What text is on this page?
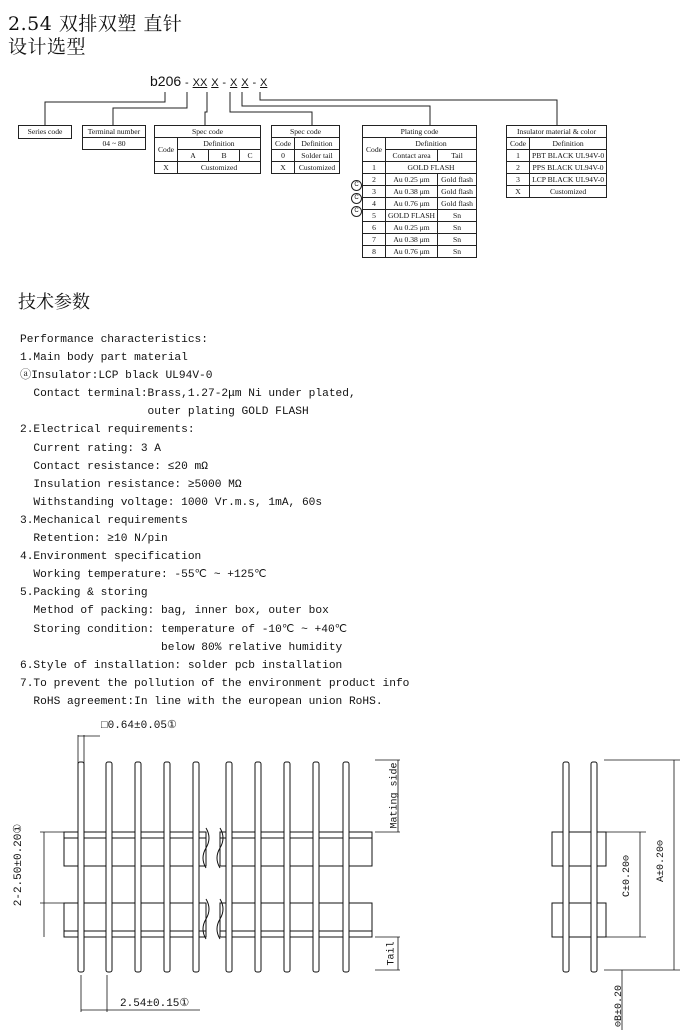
2.54 双排双塑 直针
设计选型
b206 - XX X - X X - X
Series code	Terminal number
04 ~ 80
Spec code			
Code	Definition		
	A	B	C
X	Customized		
Spec code	
Code	Definition
0	Solder tail
X	Customized
Plating code		
Code	Definition	
	Contact area	Tail
1	GOLD FLASH	
2	Au 0.25 μm	Gold flash
3	Au 0.38 μm	Gold flash
4	Au 0.76 μm	Gold flash
5	GOLD FLASH	Sn
6	Au 0.25 μm	Sn
7	Au 0.38 μm	Sn
8	Au 0.76 μm	Sn
C
C
C
Insulator material & color	
Code	Definition
1	PBT BLACK UL94V-0
2	PPS BLACK UL94V-0
3	LCP BLACK UL94V-0
X	Customized
技术参数
Performance characteristics:
1.Main body part material
ⓐInsulator:LCP black UL94V-0
Contact terminal:Brass,1.27-2μm Ni under plated,
outer plating GOLD FLASH
2.Electrical requirements:
Current rating: 3 A
Contact resistance: ≤20 mΩ
Insulation resistance: ≥5000 MΩ
Withstanding voltage: 1000 Vr.m.s, 1mA, 60s
3.Mechanical requirements
Retention: ≥10 N/pin
4.Environment specification
Working temperature: -55℃ ~ +125℃
5.Packing & storing
Method of packing: bag, inner box, outer box
Storing condition: temperature of -10℃ ~ +40℃
below 80% relative humidity
6.Style of installation: solder pcb installation
7.To prevent the pollution of the environment product info
RoHS agreement:In line with the european union RoHS.
□0.64±0.05①
2.54±0.15①
2-2.50±0.20①
Mating side
Tail
C±0.20⊖ A±0.20⊖
⊖B±0.20
